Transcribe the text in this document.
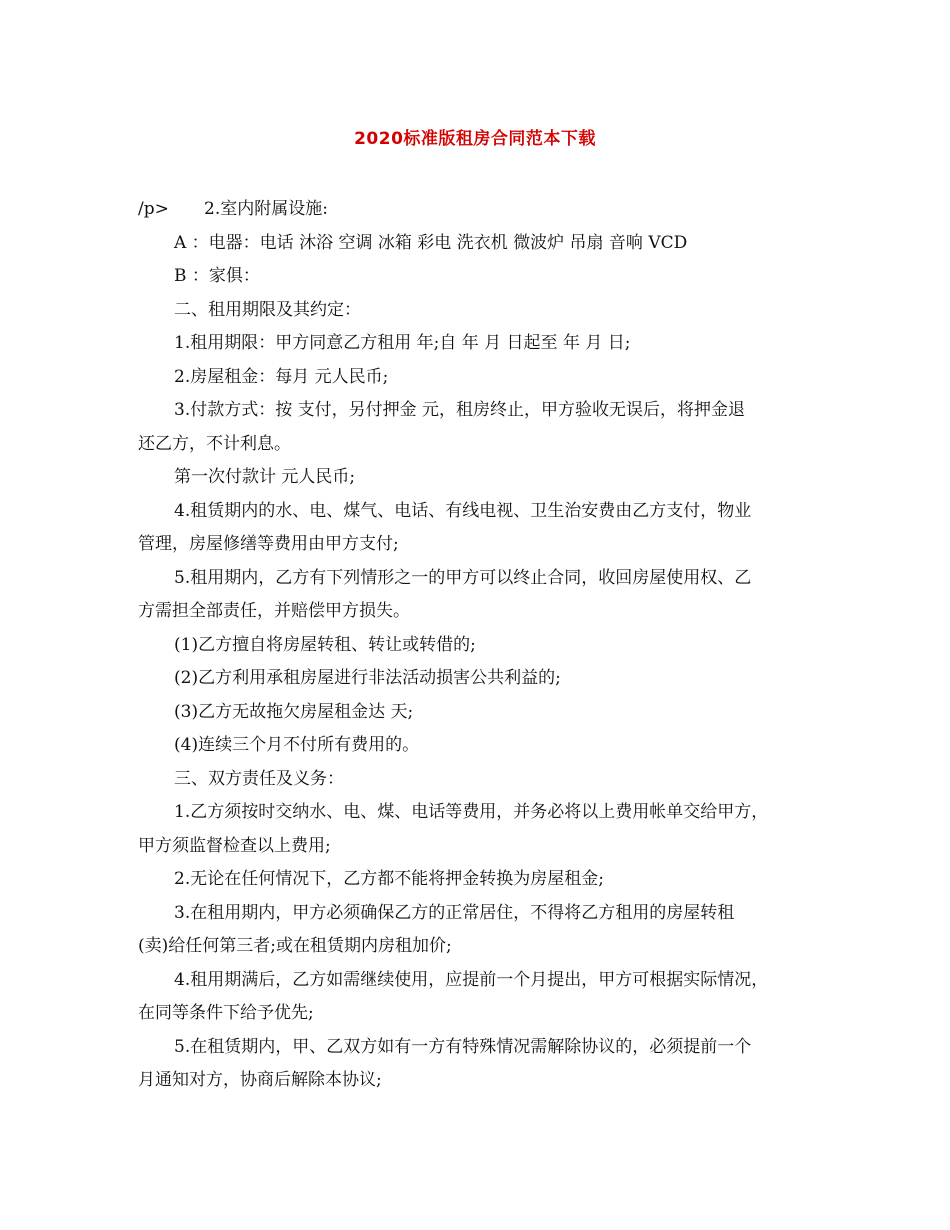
2020标准版租房合同范本下载
/p> 2.室内附属设施:
A ：电器：电话 沐浴 空调 冰箱 彩电 洗衣机 微波炉 吊扇 音响 VCD
B ：家俱：
二、租用期限及其约定：
1.租用期限：甲方同意乙方租用 年;自 年 月 日起至 年 月 日;
2.房屋租金：每月 元人民币;
3.付款方式：按 支付，另付押金 元，租房终止，甲方验收无误后，将押金退
还乙方，不计利息。
第一次付款计 元人民币;
4.租赁期内的水、电、煤气、电话、有线电视、卫生治安费由乙方支付，物业
管理，房屋修缮等费用由甲方支付;
5.租用期内，乙方有下列情形之一的甲方可以终止合同，收回房屋使用权、乙
方需担全部责任，并赔偿甲方损失。
(1)乙方擅自将房屋转租、转让或转借的;
(2)乙方利用承租房屋进行非法活动损害公共利益的;
(3)乙方无故拖欠房屋租金达 天;
(4)连续三个月不付所有费用的。
三、双方责任及义务：
1.乙方须按时交纳水、电、煤、电话等费用，并务必将以上费用帐单交给甲方，
甲方须监督检查以上费用;
2.无论在任何情况下，乙方都不能将押金转换为房屋租金;
3.在租用期内，甲方必须确保乙方的正常居住，不得将乙方租用的房屋转租
(卖)给任何第三者;或在租赁期内房租加价;
4.租用期满后，乙方如需继续使用，应提前一个月提出，甲方可根据实际情况，
在同等条件下给予优先;
5.在租赁期内，甲、乙双方如有一方有特殊情况需解除协议的，必须提前一个
月通知对方，协商后解除本协议;
